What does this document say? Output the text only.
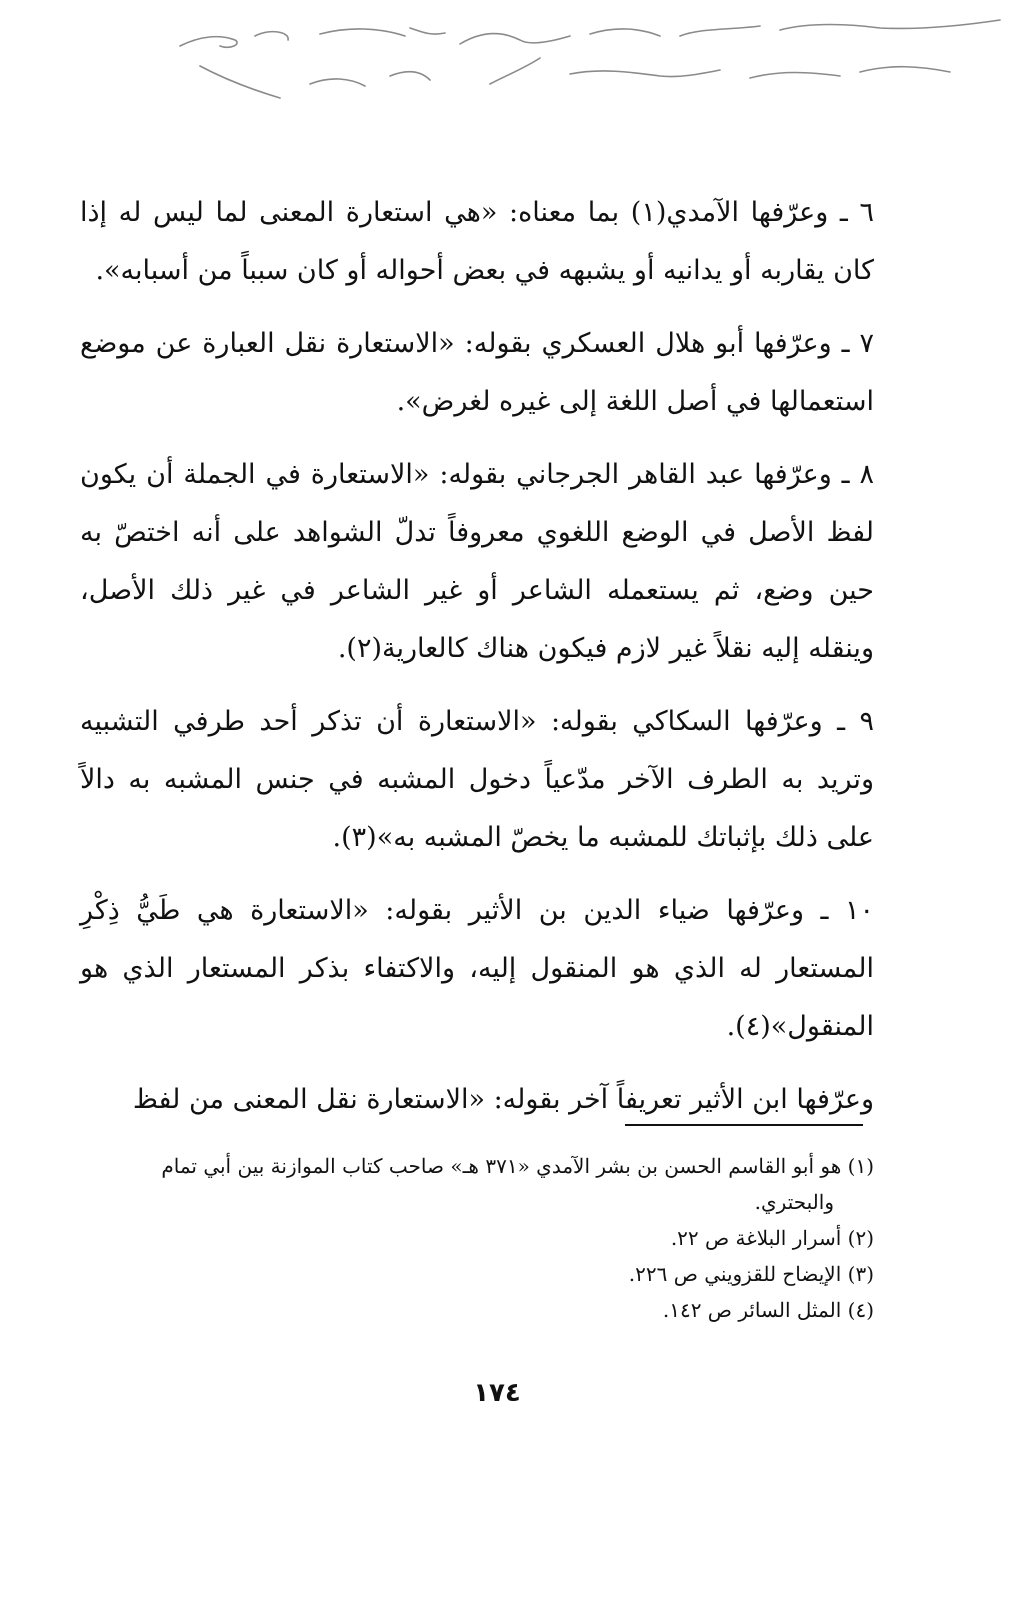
٦ ـ وعرّفها الآمدي(١) بما معناه: «هي استعارة المعنى لما ليس له إذا كان يقاربه أو يدانيه أو يشبهه في بعض أحواله أو كان سبباً من أسبابه».

٧ ـ وعرّفها أبو هلال العسكري بقوله: «الاستعارة نقل العبارة عن موضع استعمالها في أصل اللغة إلى غيره لغرض».

٨ ـ وعرّفها عبد القاهر الجرجاني بقوله: «الاستعارة في الجملة أن يكون لفظ الأصل في الوضع اللغوي معروفاً تدلّ الشواهد على أنه اختصّ به حين وضع، ثم يستعمله الشاعر أو غير الشاعر في غير ذلك الأصل، وينقله إليه نقلاً غير لازم فيكون هناك كالعارية(٢).

٩ ـ وعرّفها السكاكي بقوله: «الاستعارة أن تذكر أحد طرفي التشبيه وتريد به الطرف الآخر مدّعياً دخول المشبه في جنس المشبه به دالاً على ذلك بإثباتك للمشبه ما يخصّ المشبه به»(٣).

١٠ ـ وعرّفها ضياء الدين بن الأثير بقوله: «الاستعارة هي طَيُّ ذِكْرِ المستعار له الذي هو المنقول إليه، والاكتفاء بذكر المستعار الذي هو المنقول»(٤).

وعرّفها ابن الأثير تعريفاً آخر بقوله: «الاستعارة نقل المعنى من لفظ

(١) هو أبو القاسم الحسن بن بشر الآمدي «٣٧١ هـ» صاحب كتاب الموازنة بين أبي تمام
والبحتري.

(٢) أسرار البلاغة ص ٢٢.

(٣) الإيضاح للقزويني ص ٢٢٦.

(٤) المثل السائر ص ١٤٢.

١٧٤
